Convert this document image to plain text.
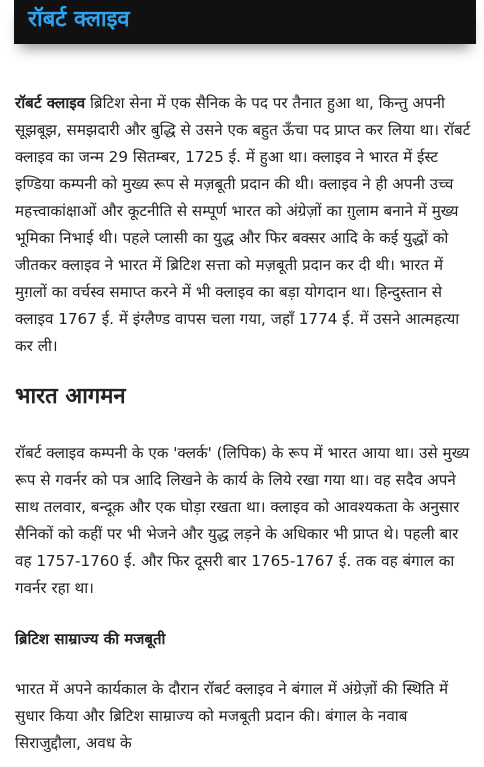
रॉबर्ट क्लाइव

रॉबर्ट क्लाइव ब्रिटिश सेना में एक सैनिक के पद पर तैनात हुआ था, किन्तु अपनी सूझबूझ, समझदारी और बुद्धि से उसने एक बहुत ऊँचा पद प्राप्त कर लिया था। रॉबर्ट क्लाइव का जन्म 29 सितम्बर, 1725 ई. में हुआ था। क्लाइव ने भारत में ईस्ट इण्डिया कम्पनी को मुख्य रूप से मज़बूती प्रदान की थी। क्लाइव ने ही अपनी उच्च महत्त्वाकांक्षाओं और कूटनीति से सम्पूर्ण भारत को अंग्रेज़ों का ग़ुलाम बनाने में मुख्य भूमिका निभाई थी। पहले प्लासी का युद्ध और फिर बक्सर आदि के कई युद्धों को जीतकर क्लाइव ने भारत में ब्रिटिश सत्ता को मज़बूती प्रदान कर दी थी। भारत में मुग़लों का वर्चस्व समाप्त करने में भी क्लाइव का बड़ा योगदान था। हिन्दुस्तान से क्लाइव 1767 ई. में इंग्लैण्ड वापस चला गया, जहाँ 1774 ई. में उसने आत्महत्या कर ली।

भारत आगमन

रॉबर्ट क्लाइव कम्पनी के एक 'क्लर्क' (लिपिक) के रूप में भारत आया था। उसे मुख्य रूप से गवर्नर को पत्र आदि लिखने के कार्य के लिये रखा गया था। वह सदैव अपने साथ तलवार, बन्दूक़ और एक घोड़ा रखता था। क्लाइव को आवश्यकता के अनुसार सैनिकों को कहीं पर भी भेजने और युद्ध लड़ने के अधिकार भी प्राप्त थे। पहली बार वह 1757-1760 ई. और फिर दूसरी बार 1765-1767 ई. तक वह बंगाल का गवर्नर रहा था।

ब्रिटिश साम्राज्य की मजबूती

भारत में अपने कार्यकाल के दौरान रॉबर्ट क्लाइव ने बंगाल में अंग्रेज़ों की स्थिति में सुधार किया और ब्रिटिश साम्राज्य को मजबूती प्रदान की। बंगाल के नवाब सिराजुद्दौला, अवध के
